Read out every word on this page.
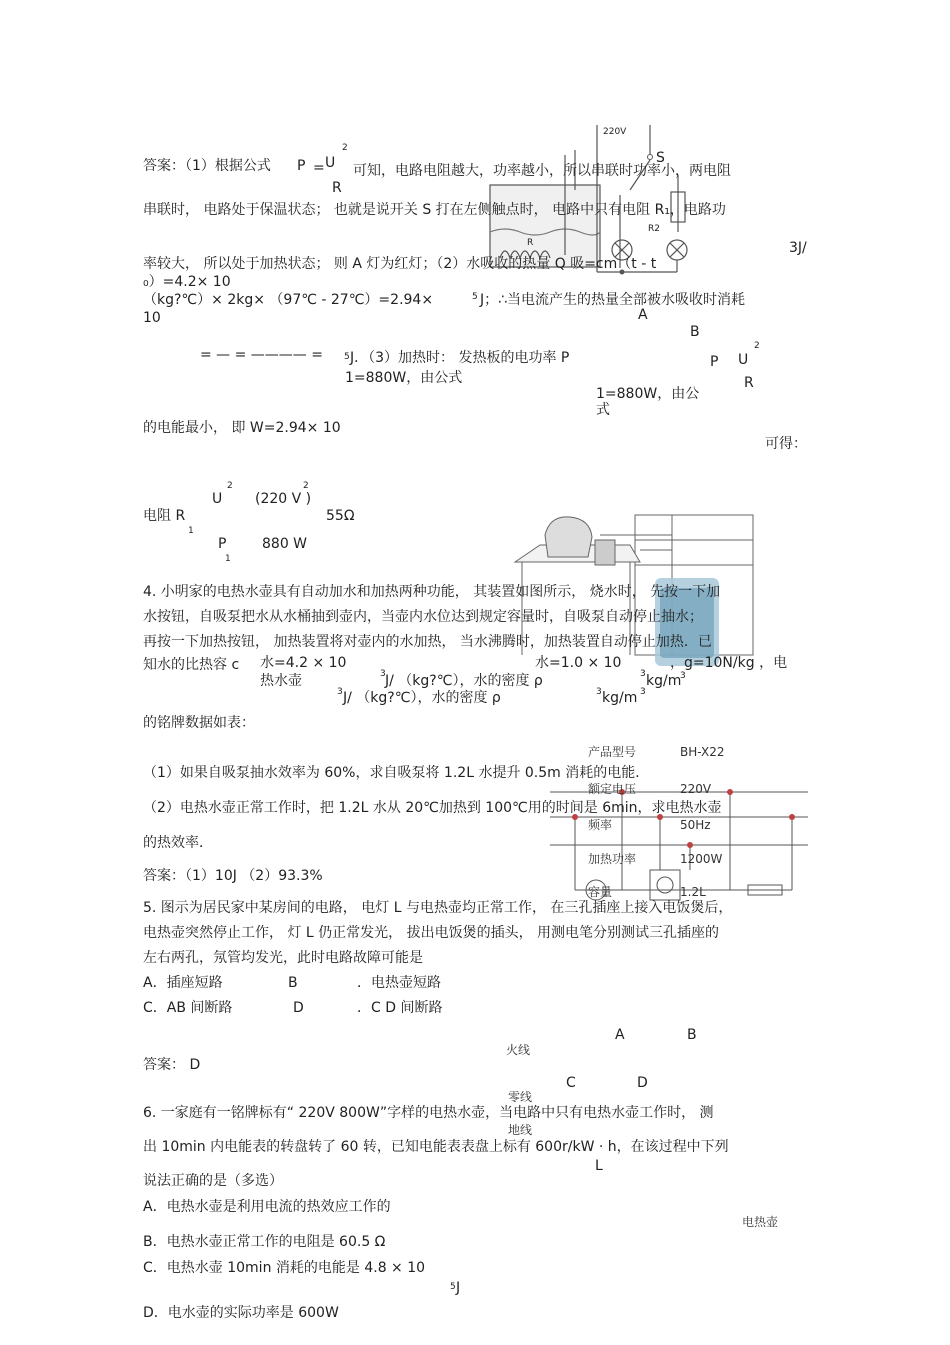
答案：（1）根据公式 P = U
2
R
可知，电路电阻越大，功率越小，所以串联时功率小，两电阻
串联时， 电路处于保温状态； 也就是说开关 S 打在左侧触点时， 电路中只有电阻 R₁，电路功
率较大， 所以处于加热状态； 则 A 灯为红灯；（2）水吸收的热量 Q 吸=cm（t - t
3J/
₀）=4.2× 10
（kg?℃）× 2kg× （97℃ - 27℃）=2.94×	5 J；∴当电流产生的热量全部被水吸收时消耗
10
= — = ———— = 5 J．（3）加热时： 发热板的电功率 P
1=880W，由公式
1=880W，由公
式
P U
2
R
的电能最小， 即 W=2.94× 10
可得：
电阻 R
1
U
2
(220 V )
2
55Ω
P
1
880 W
220V
S
R2
R
A
B
4. 小明家的电热水壶具有自动加水和加热两种功能， 其装置如图所示， 烧水时， 先按一下加
水按钮，自吸泵把水从水桶抽到壶内，当壶内水位达到规定容量时，自吸泵自动停止抽水；
再按一下加热按钮， 加热装置将对壶内的水加热， 当水沸腾时，加热装置自动停止加热．已
知水的比热容 c 水=4.2 × 10	水=1.0 × 10	，g=10N/kg ，电
3	3
热水壶	J/ （kg?℃），水的密度 ρ	kg/m
3
3 J/ （kg?℃），水的密度 ρ	3 kg/m 3
的铭牌数据如表：
（1）如果自吸泵抽水效率为 60%，求自吸泵将 1.2L 水提升 0.5m 消耗的电能．
（2）电热水壶正常工作时，把 1.2L 水从 20℃加热到 100℃用的时间是 6min，求电热水壶
的热效率．
答案：（1）10J （2）93.3%
产品型号	BH-X22
额定电压	220V
频率	50Hz
加热功率	1200W
容量	1.2L
5. 图示为居民家中某房间的电路， 电灯 L 与电热壶均正常工作， 在三孔插座上接入电饭煲后，
电热壶突然停止工作， 灯 L 仍正常发光， 拔出电饭煲的插头， 用测电笔分别测试三孔插座的
左右两孔，氖管均发光，此时电路故障可能是
A．插座短路	B	．电热壶短路
C．AB 间断路	D	．C D 间断路
答案： D
A	B
火线
C	D
零线
地线
L
电热壶
6. 一家庭有一铭牌标有“ 220V 800W”字样的电热水壶，当电路中只有电热水壶工作时， 测
出 10min 内电能表的转盘转了 60 转，已知电能表表盘上标有 600r/kW · h，在该过程中下列
说法正确的是（多选）
A．电热水壶是利用电流的热效应工作的
B．电热水壶正常工作的电阻是 60.5 Ω
C．电热水壶 10min 消耗的电能是 4.8 × 10
5 J
D．电水壶的实际功率是 600W
